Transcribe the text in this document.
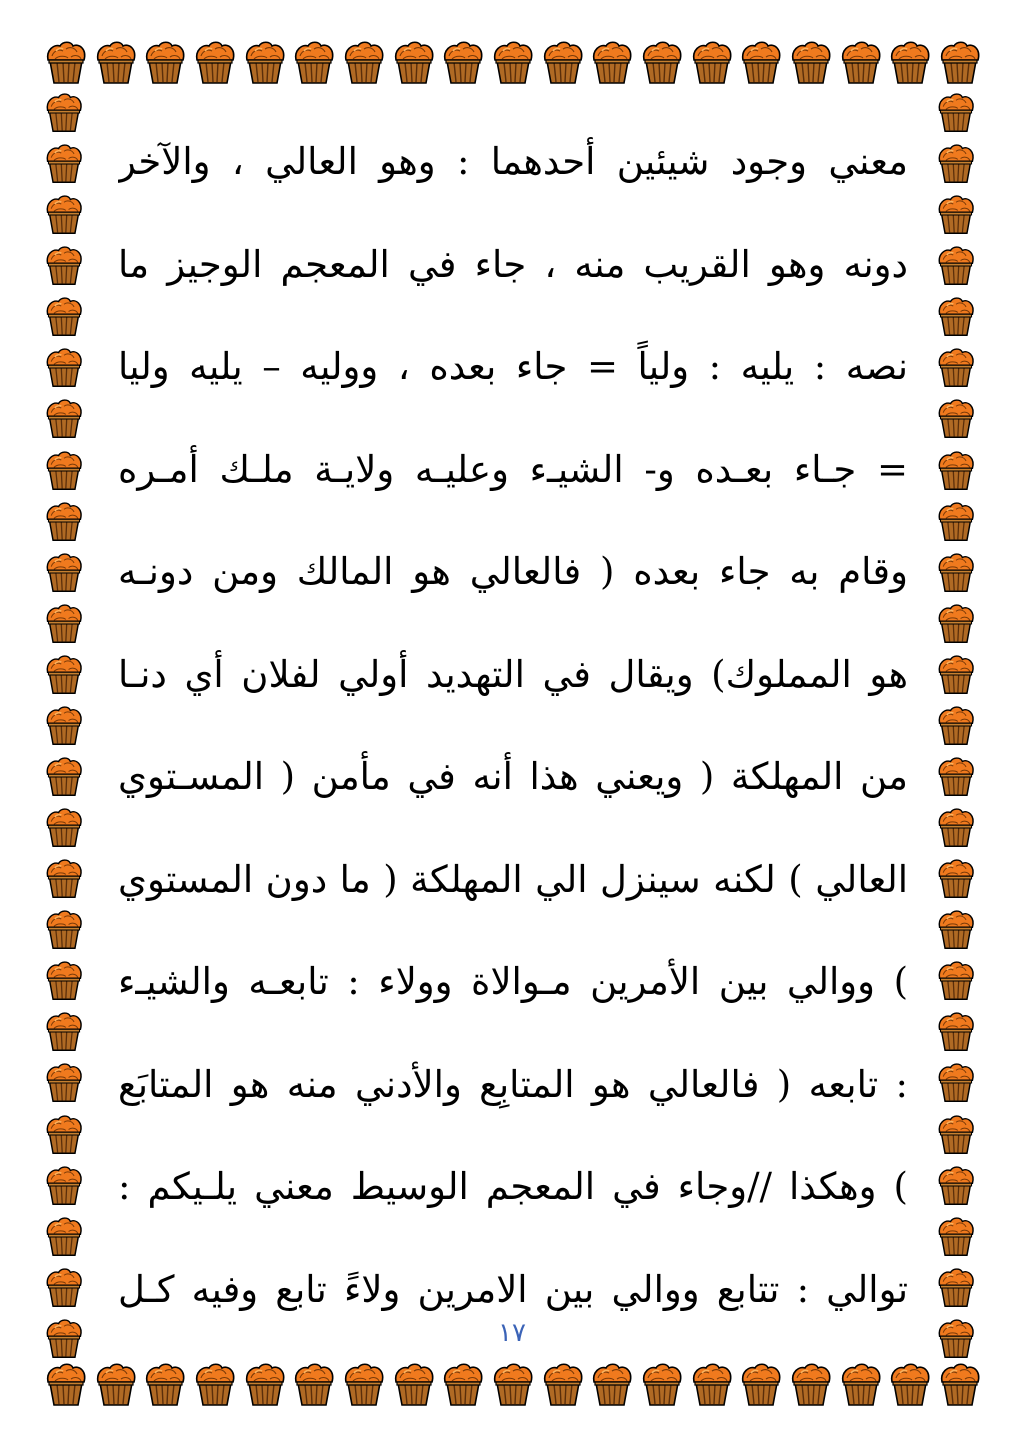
معني وجود شيئين أحدهما : وهو العالي ، والآخر
دونه وهو القريب منه ، جاء في المعجم الوجيز ما
نصه : يليه : ولياً = جاء بعده ، ووليه – يليه وليا
= جـاء بعـده و- الشيـء وعليـه ولايـة ملـك أمـره
وقام به جاء بعده ( فالعالي هو المالك ومن دونـه
هو المملوك) ويقال في التهديد أولي لفلان أي دنـا
من المهلكة ( ويعني هذا أنه في مأمن ( المسـتوي
العالي ) لكنه سينزل الي المهلكة ( ما دون المستوي
) ووالي بين الأمرين مـوالاة وولاء : تابعـه والشيـء
: تابعه ( فالعالي هو المتابِع والأدني منه هو المتابَع
) وهكذا //وجاء في المعجم الوسيط معني يلـيكم :
توالي : تتابع ووالي بين الامرين ولاءً تابع وفيه كـل
١٧
